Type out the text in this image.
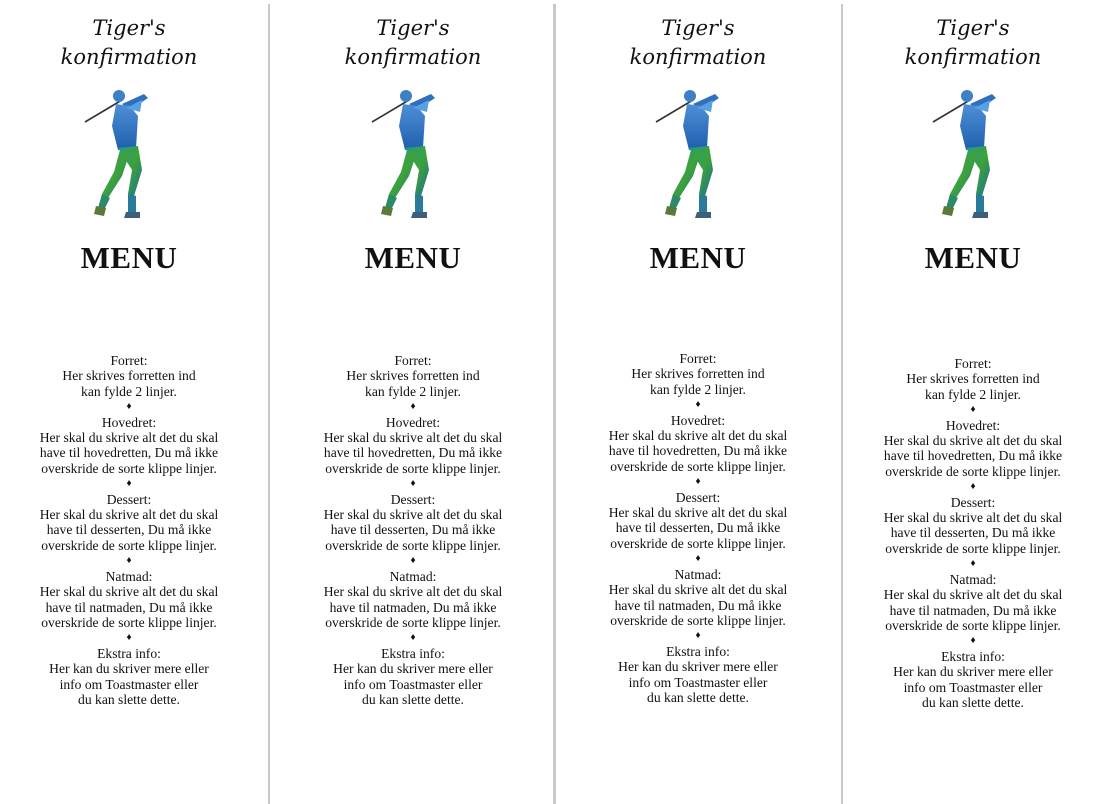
Tiger's
konfirmation
MENU
Forret:
Her skrives forretten ind
kan fylde 2 linjer.
♦
Hovedret:
Her skal du skrive alt det du skal
have til hovedretten, Du må ikke
overskride de sorte klippe linjer.
♦
Dessert:
Her skal du skrive alt det du skal
have til desserten, Du må ikke
overskride de sorte klippe linjer.
♦
Natmad:
Her skal du skrive alt det du skal
have til natmaden, Du må ikke
overskride de sorte klippe linjer.
♦
Ekstra info:
Her kan du skriver mere eller
info om Toastmaster eller
du kan slette dette.
Tiger's
konfirmation
MENU
Forret:
Her skrives forretten ind
kan fylde 2 linjer.
♦
Hovedret:
Her skal du skrive alt det du skal
have til hovedretten, Du må ikke
overskride de sorte klippe linjer.
♦
Dessert:
Her skal du skrive alt det du skal
have til desserten, Du må ikke
overskride de sorte klippe linjer.
♦
Natmad:
Her skal du skrive alt det du skal
have til natmaden, Du må ikke
overskride de sorte klippe linjer.
♦
Ekstra info:
Her kan du skriver mere eller
info om Toastmaster eller
du kan slette dette.
Tiger's
konfirmation
MENU
Forret:
Her skrives forretten ind
kan fylde 2 linjer.
♦
Hovedret:
Her skal du skrive alt det du skal
have til hovedretten, Du må ikke
overskride de sorte klippe linjer.
♦
Dessert:
Her skal du skrive alt det du skal
have til desserten, Du må ikke
overskride de sorte klippe linjer.
♦
Natmad:
Her skal du skrive alt det du skal
have til natmaden, Du må ikke
overskride de sorte klippe linjer.
♦
Ekstra info:
Her kan du skriver mere eller
info om Toastmaster eller
du kan slette dette.
Tiger's
konfirmation
MENU
Forret:
Her skrives forretten ind
kan fylde 2 linjer.
♦
Hovedret:
Her skal du skrive alt det du skal
have til hovedretten, Du må ikke
overskride de sorte klippe linjer.
♦
Dessert:
Her skal du skrive alt det du skal
have til desserten, Du må ikke
overskride de sorte klippe linjer.
♦
Natmad:
Her skal du skrive alt det du skal
have til natmaden, Du må ikke
overskride de sorte klippe linjer.
♦
Ekstra info:
Her kan du skriver mere eller
info om Toastmaster eller
du kan slette dette.
